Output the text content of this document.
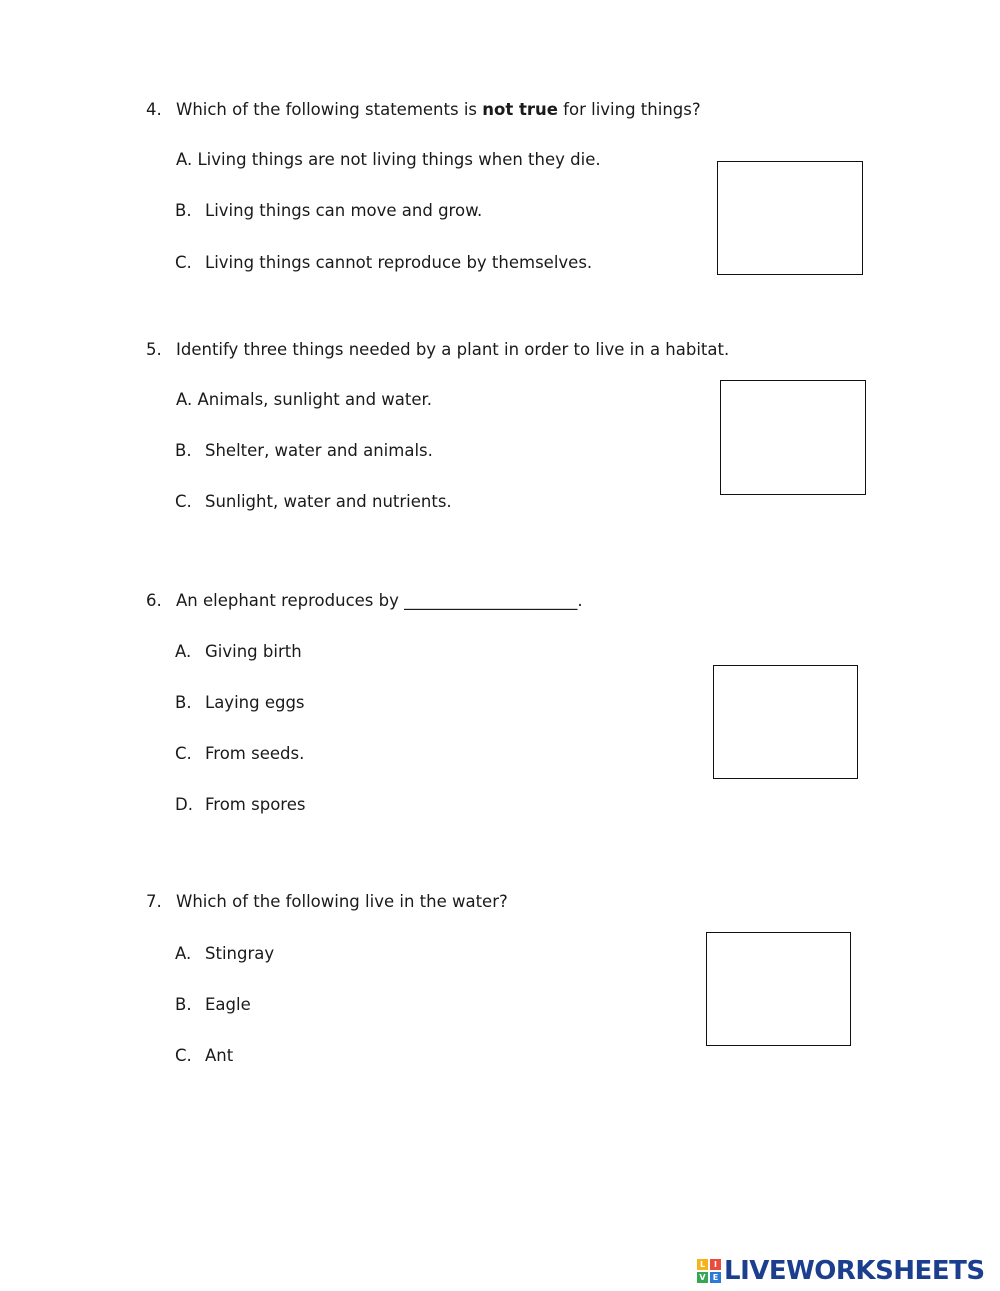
4. Which of the following statements is not true for living things?
A. Living things are not living things when they die.
B. Living things can move and grow.
C. Living things cannot reproduce by themselves.
5. Identify three things needed by a plant in order to live in a habitat.
A. Animals, sunlight and water.
B. Shelter, water and animals.
C. Sunlight, water and nutrients.
6. An elephant reproduces by _____________________.
A. Giving birth
B. Laying eggs
C. From seeds.
D. From spores
7. Which of the following live in the water?
A. Stingray
B. Eagle
C. Ant
L	I
V E LIVEWORKSHEETS
